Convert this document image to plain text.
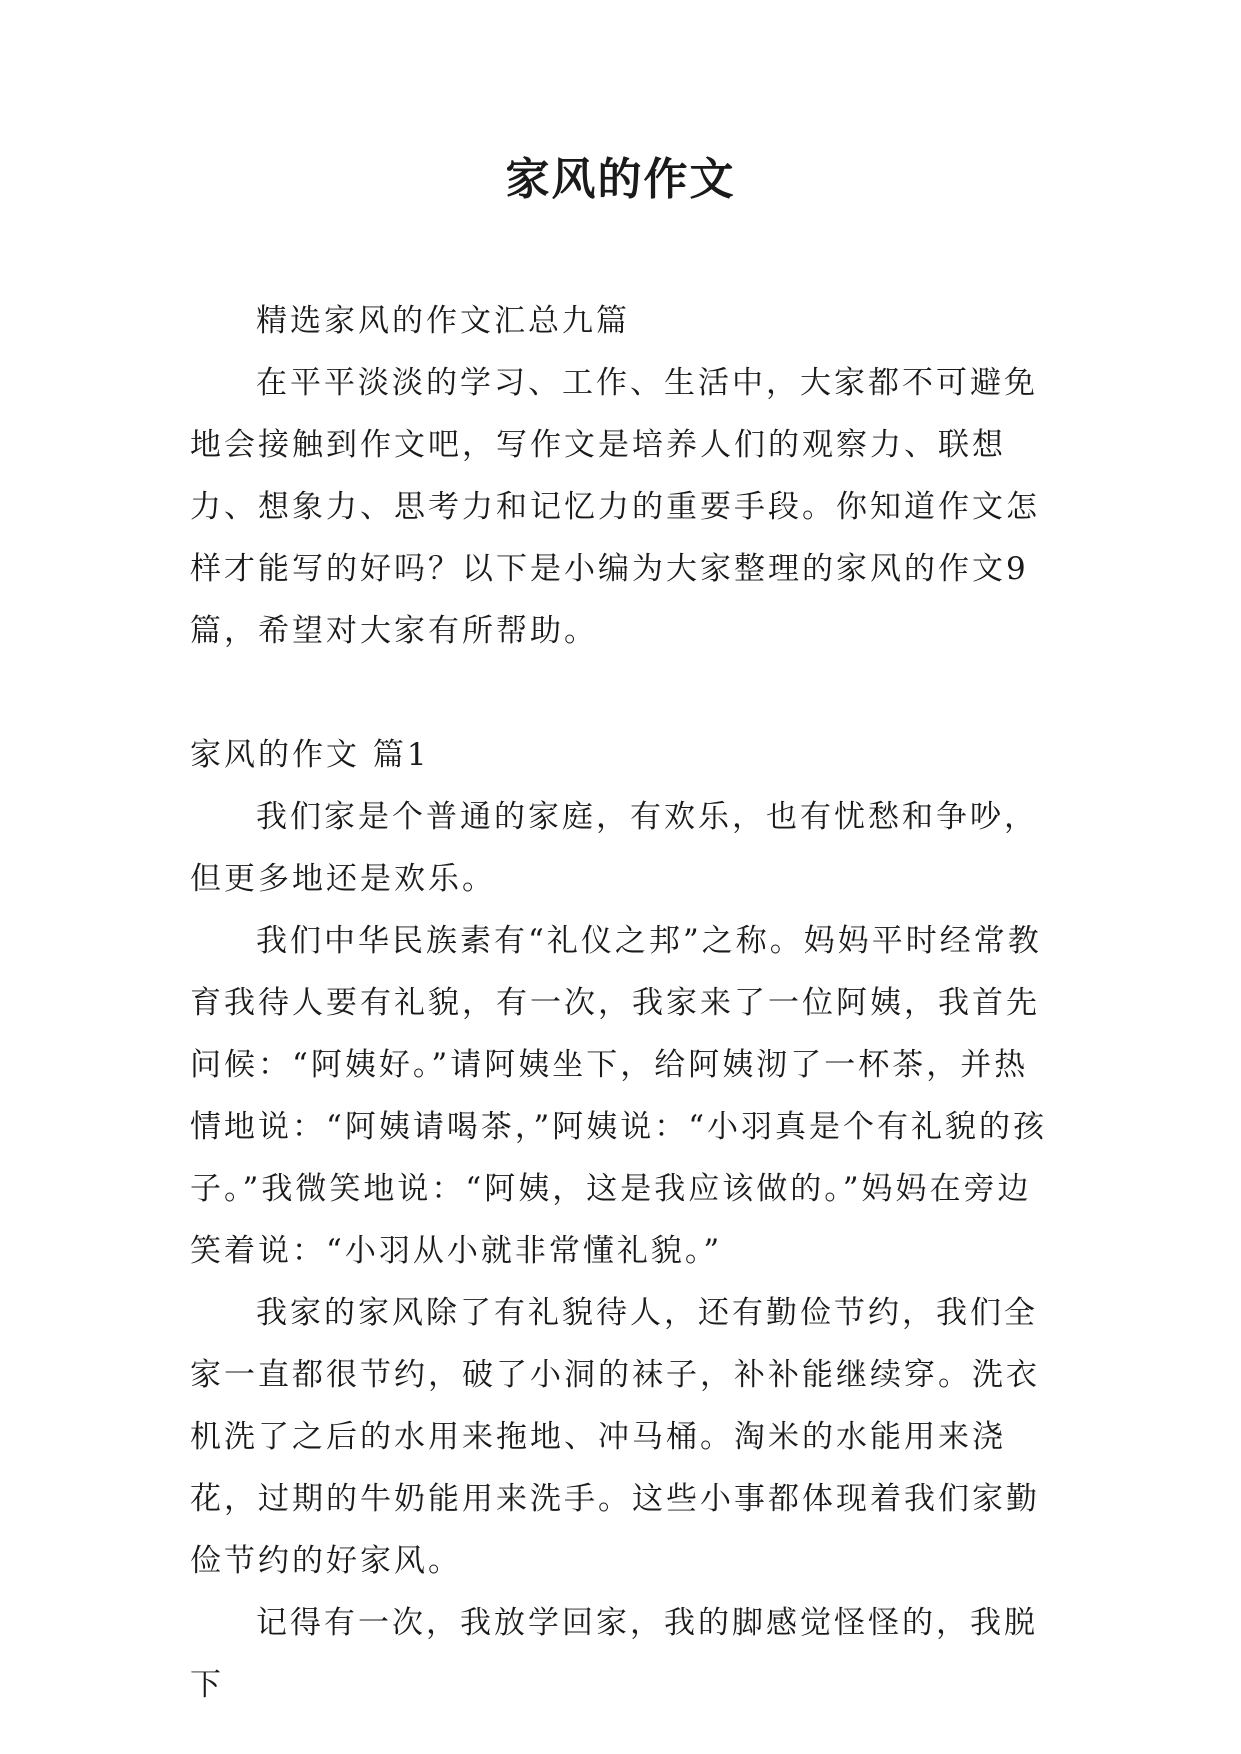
家风的作文

精选家风的作文汇总九篇

在平平淡淡的学习、工作、生活中，大家都不可避免地会接触到作文吧，写作文是培养人们的观察力、联想力、想象力、思考力和记忆力的重要手段。你知道作文怎样才能写的好吗？以下是小编为大家整理的家风的作文9篇，希望对大家有所帮助。

家风的作文 篇1

我们家是个普通的家庭，有欢乐，也有忧愁和争吵，但更多地还是欢乐。

我们中华民族素有“礼仪之邦”之称。妈妈平时经常教育我待人要有礼貌，有一次，我家来了一位阿姨，我首先问候：“阿姨好。”请阿姨坐下，给阿姨沏了一杯茶，并热情地说：“阿姨请喝茶，”阿姨说：“小羽真是个有礼貌的孩子。”我微笑地说：“阿姨，这是我应该做的。”妈妈在旁边笑着说：“小羽从小就非常懂礼貌。”

我家的家风除了有礼貌待人，还有勤俭节约，我们全家一直都很节约，破了小洞的袜子，补补能继续穿。洗衣机洗了之后的水用来拖地、冲马桶。淘米的水能用来浇花，过期的牛奶能用来洗手。这些小事都体现着我们家勤俭节约的好家风。

记得有一次，我放学回家，我的脚感觉怪怪的，我脱下
